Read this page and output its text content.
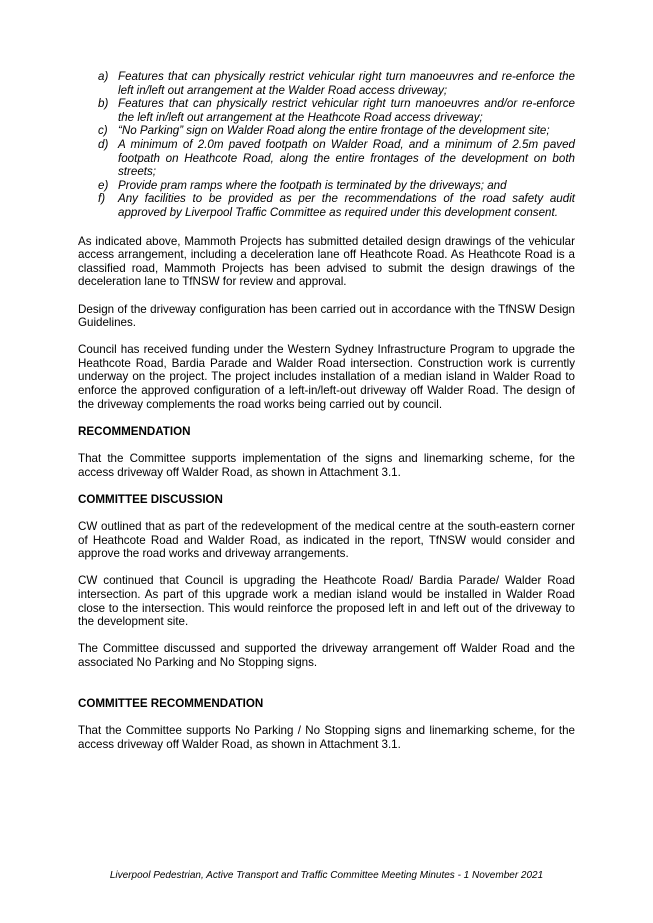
a) Features that can physically restrict vehicular right turn manoeuvres and re-enforce the left in/left out arrangement at the Walder Road access driveway;
b) Features that can physically restrict vehicular right turn manoeuvres and/or re-enforce the left in/left out arrangement at the Heathcote Road access driveway;
c) “No Parking” sign on Walder Road along the entire frontage of the development site;
d) A minimum of 2.0m paved footpath on Walder Road, and a minimum of 2.5m paved footpath on Heathcote Road, along the entire frontages of the development on both streets;
e) Provide pram ramps where the footpath is terminated by the driveways; and
f) Any facilities to be provided as per the recommendations of the road safety audit approved by Liverpool Traffic Committee as required under this development consent.

As indicated above, Mammoth Projects has submitted detailed design drawings of the vehicular access arrangement, including a deceleration lane off Heathcote Road. As Heathcote Road is a classified road, Mammoth Projects has been advised to submit the design drawings of the deceleration lane to TfNSW for review and approval.

Design of the driveway configuration has been carried out in accordance with the TfNSW Design Guidelines.

Council has received funding under the Western Sydney Infrastructure Program to upgrade the Heathcote Road, Bardia Parade and Walder Road intersection. Construction work is currently underway on the project. The project includes installation of a median island in Walder Road to enforce the approved configuration of a left-in/left-out driveway off Walder Road. The design of the driveway complements the road works being carried out by council.

RECOMMENDATION

That the Committee supports implementation of the signs and linemarking scheme, for the access driveway off Walder Road, as shown in Attachment 3.1.

COMMITTEE DISCUSSION

CW outlined that as part of the redevelopment of the medical centre at the south-eastern corner of Heathcote Road and Walder Road, as indicated in the report, TfNSW would consider and approve the road works and driveway arrangements.

CW continued that Council is upgrading the Heathcote Road/ Bardia Parade/ Walder Road intersection. As part of this upgrade work a median island would be installed in Walder Road close to the intersection. This would reinforce the proposed left in and left out of the driveway to the development site.

The Committee discussed and supported the driveway arrangement off Walder Road and the associated No Parking and No Stopping signs.

COMMITTEE RECOMMENDATION

That the Committee supports No Parking / No Stopping signs and linemarking scheme, for the access driveway off Walder Road, as shown in Attachment 3.1.

Liverpool Pedestrian, Active Transport and Traffic Committee Meeting Minutes - 1 November 2021
